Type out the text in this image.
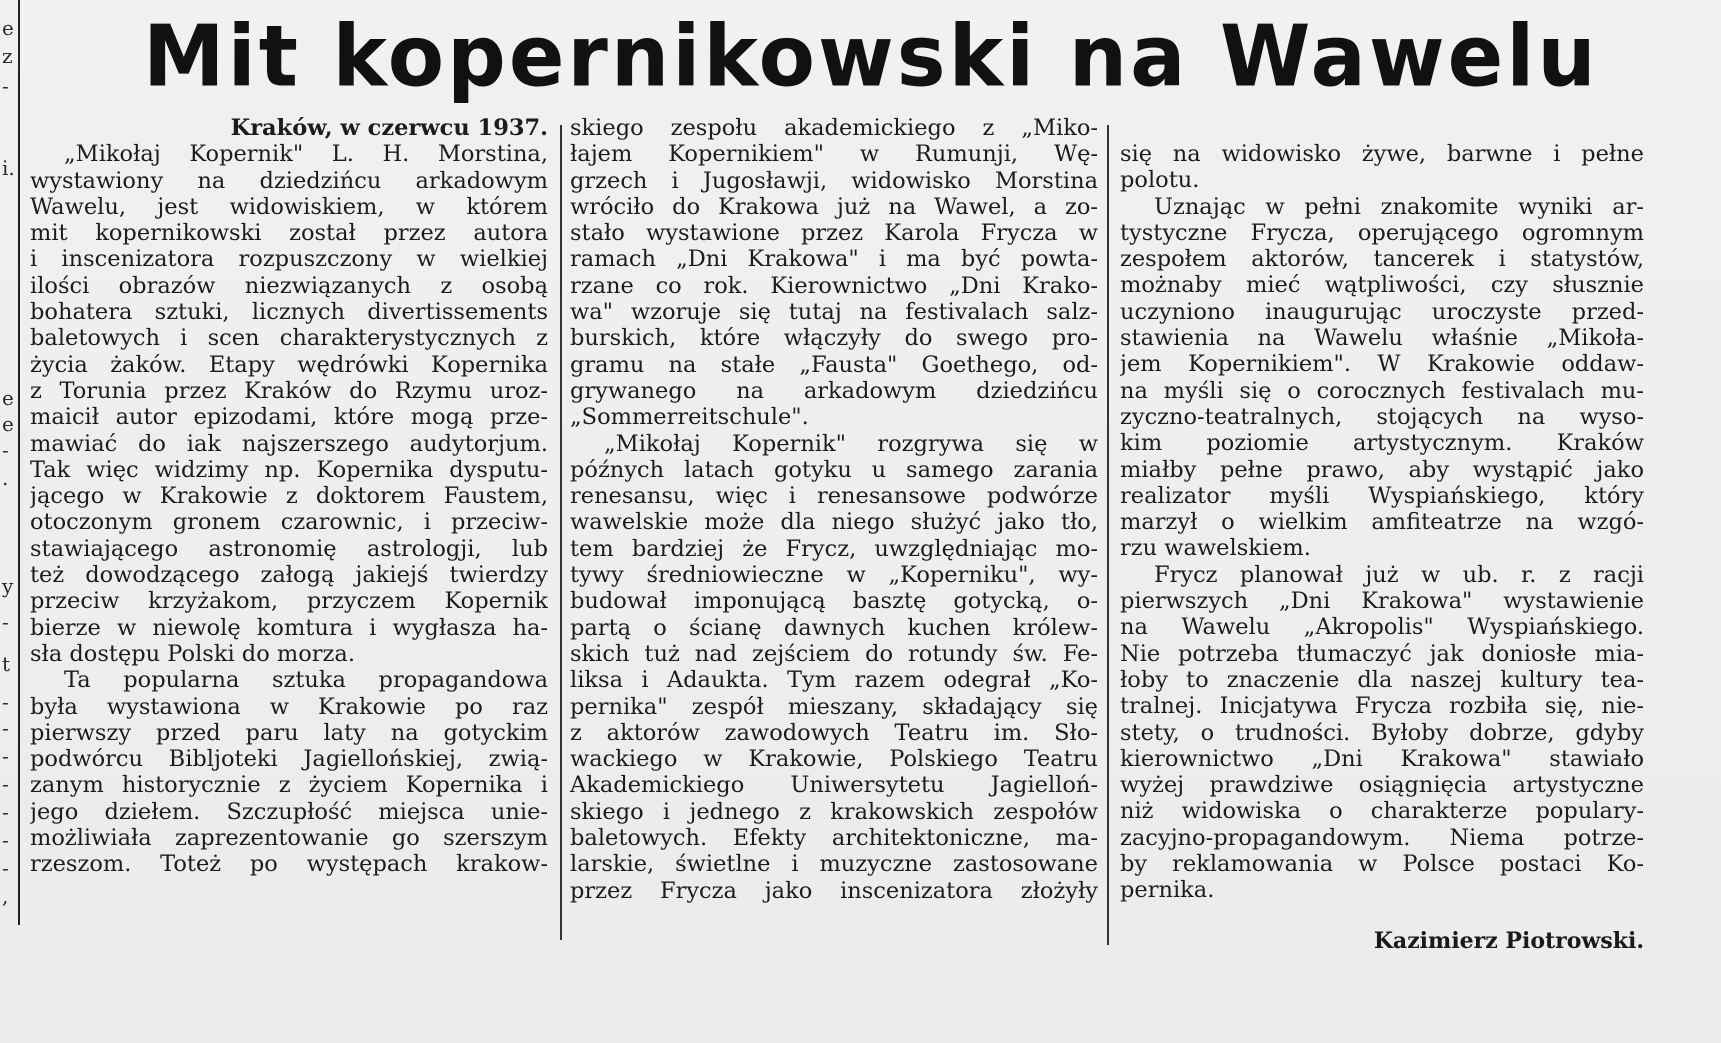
e
z
-
i.
e
e
-
.
y
-
t
-
-
-
-
-
-
-
,
Mit kopernikowski na Wawelu
Kraków, w czerwcu 1937.
„Mikołaj Kopernik" L. H. Morstina,
wystawiony na dziedzińcu arkadowym
Wawelu, jest widowiskiem, w którem
mit kopernikowski został przez autora
i inscenizatora rozpuszczony w wielkiej
ilości obrazów niezwiązanych z osobą
bohatera sztuki, licznych divertissements
baletowych i scen charakterystycznych z
życia żaków. Etapy wędrówki Kopernika
z Torunia przez Kraków do Rzymu uroz-
maicił autor epizodami, które mogą prze-
mawiać do iak najszerszego audytorjum.
Tak więc widzimy np. Kopernika dysputu-
jącego w Krakowie z doktorem Faustem,
otoczonym gronem czarownic, i przeciw-
stawiającego astronomię astrologji, lub
też dowodzącego załogą jakiejś twierdzy
przeciw krzyżakom, przyczem Kopernik
bierze w niewolę komtura i wygłasza ha-
sła dostępu Polski do morza.
Ta popularna sztuka propagandowa
była wystawiona w Krakowie po raz
pierwszy przed paru laty na gotyckim
podwórcu Bibljoteki Jagiellońskiej, zwią-
zanym historycznie z życiem Kopernika i
jego dziełem. Szczupłość miejsca unie-
możliwiała zaprezentowanie go szerszym
rzeszom. Toteż po występach krakow-
skiego zespołu akademickiego z „Miko-
łajem Kopernikiem" w Rumunji, Wę-
grzech i Jugosławji, widowisko Morstina
wróciło do Krakowa już na Wawel, a zo-
stało wystawione przez Karola Frycza w
ramach „Dni Krakowa" i ma być powta-
rzane co rok. Kierownictwo „Dni Krako-
wa" wzoruje się tutaj na festivalach salz-
burskich, które włączyły do swego pro-
gramu na stałe „Fausta" Goethego, od-
grywanego na arkadowym dziedzińcu
„Sommerreitschule".
„Mikołaj Kopernik" rozgrywa się w
późnych latach gotyku u samego zarania
renesansu, więc i renesansowe podwórze
wawelskie może dla niego służyć jako tło,
tem bardziej że Frycz, uwzględniając mo-
tywy średniowieczne w „Koperniku", wy-
budował imponującą basztę gotycką, o-
partą o ścianę dawnych kuchen królew-
skich tuż nad zejściem do rotundy św. Fe-
liksa i Adaukta. Tym razem odegrał „Ko-
pernika" zespół mieszany, składający się
z aktorów zawodowych Teatru im. Sło-
wackiego w Krakowie, Polskiego Teatru
Akademickiego Uniwersytetu Jagielloń-
skiego i jednego z krakowskich zespołów
baletowych. Efekty architektoniczne, ma-
larskie, świetlne i muzyczne zastosowane
przez Frycza jako inscenizatora złożyły
się na widowisko żywe, barwne i pełne
polotu.
Uznając w pełni znakomite wyniki ar-
tystyczne Frycza, operującego ogromnym
zespołem aktorów, tancerek i statystów,
możnaby mieć wątpliwości, czy słusznie
uczyniono inaugurując uroczyste przed-
stawienia na Wawelu właśnie „Mikoła-
jem Kopernikiem". W Krakowie oddaw-
na myśli się o corocznych festivalach mu-
zyczno-teatralnych, stojących na wyso-
kim poziomie artystycznym. Kraków
miałby pełne prawo, aby wystąpić jako
realizator myśli Wyspiańskiego, który
marzył o wielkim amfiteatrze na wzgó-
rzu wawelskiem.
Frycz planował już w ub. r. z racji
pierwszych „Dni Krakowa" wystawienie
na Wawelu „Akropolis" Wyspiańskiego.
Nie potrzeba tłumaczyć jak doniosłe mia-
łoby to znaczenie dla naszej kultury tea-
tralnej. Inicjatywa Frycza rozbiła się, nie-
stety, o trudności. Byłoby dobrze, gdyby
kierownictwo „Dni Krakowa" stawiało
wyżej prawdziwe osiągnięcia artystyczne
niż widowiska o charakterze populary-
zacyjno-propagandowym. Niema potrze-
by reklamowania w Polsce postaci Ko-
pernika.
Kazimierz Piotrowski.
